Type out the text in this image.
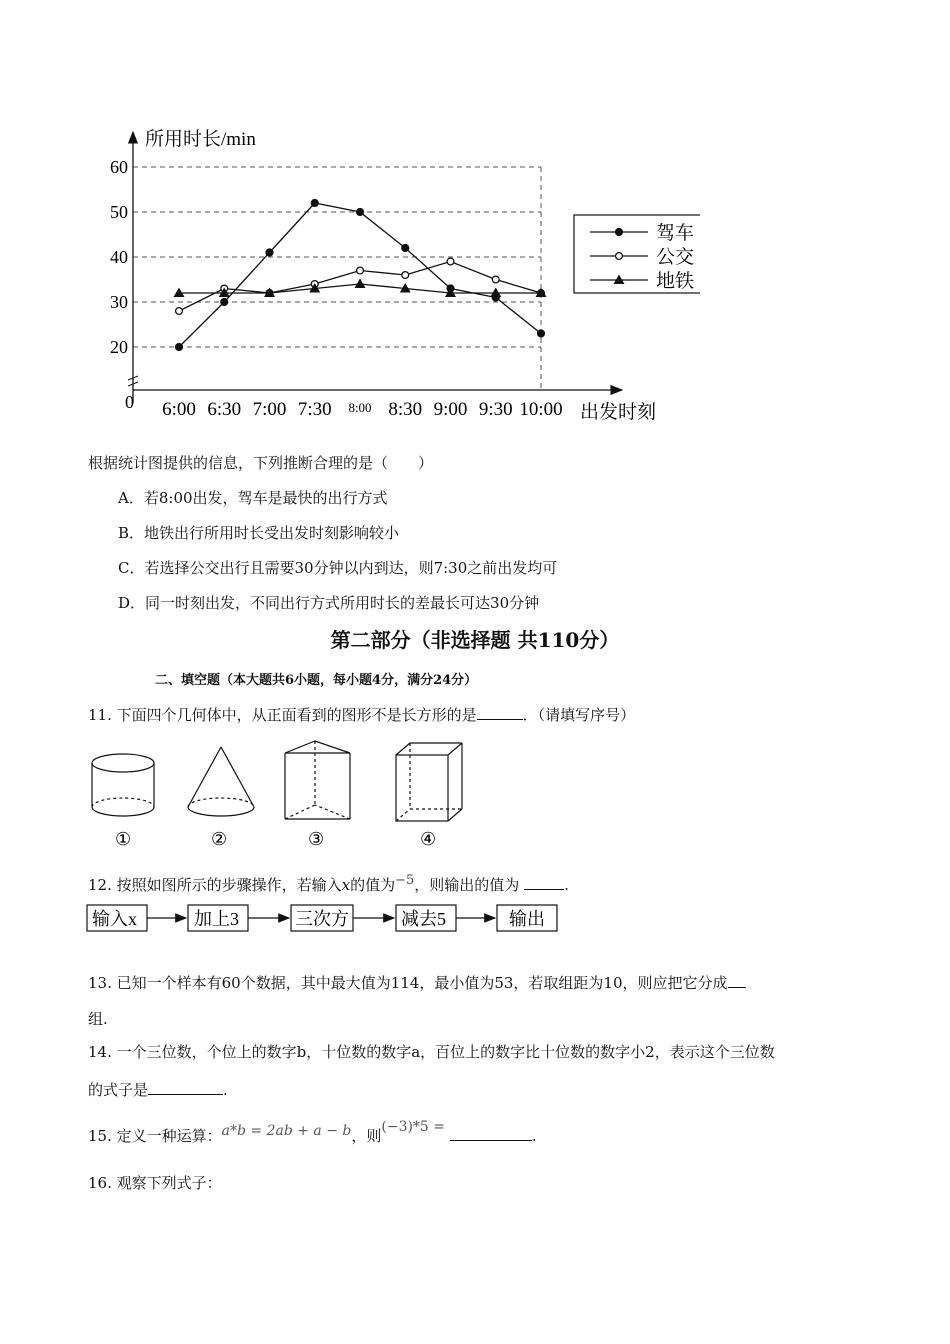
所用时长/min
出发时刻
0
20
30
40
50
60
6:00 6:30 7:00 7:30 8:00 8:30 9:00 9:30 10:00
驾车
公交
地铁
根据统计图提供的信息，下列推断合理的是（　　）
A．若8:00出发，驾车是最快的出行方式
B．地铁出行所用时长受出发时刻影响较小
C．若选择公交出行且需要30分钟以内到达，则7:30之前出发均可
D．同一时刻出发，不同出行方式所用时长的差最长可达30分钟
第二部分（非选择题 共110分）
二、填空题（本大题共6小题，每小题4分，满分24分）
11. 下面四个几何体中，从正面看到的图形不是长方形的是	．（请填写序号）
①	②	③	④
12. 按照如图所示的步骤操作，若输入x的值为$^{-5}$，则输出的值为	.
输入x	加上3	三次方	减去5	输出
13. 已知一个样本有60个数据，其中最大值为114，最小值为53，若取组距为10，则应把它分成
组.
14. 一个三位数，个位上的数字b，十位数的数字a，百位上的数字比十位数的数字小2，表示这个三位数
的式子是	.
15. 定义一种运算：a*b = 2ab + a − b，则(−3)*5 =	.
16. 观察下列式子：
